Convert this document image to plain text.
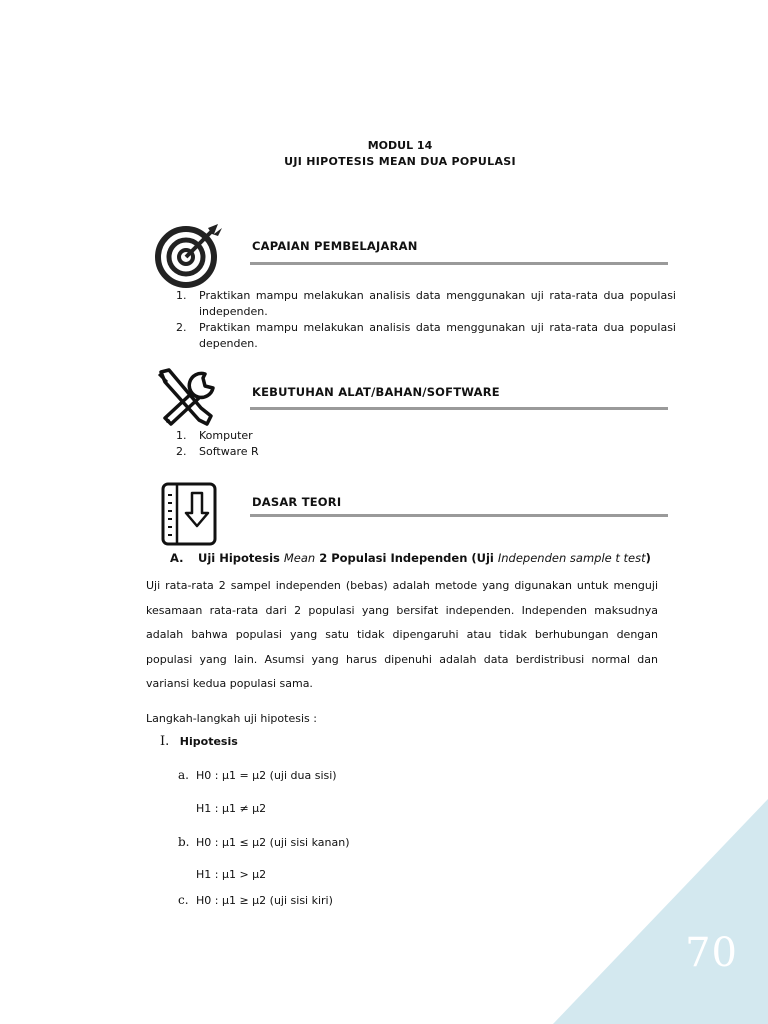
70
MODUL 14
UJI HIPOTESIS MEAN DUA POPULASI
CAPAIAN PEMBELAJARAN
1. Praktikan mampu melakukan analisis data menggunakan uji rata-rata dua populasi independen.
2. Praktikan mampu melakukan analisis data menggunakan uji rata-rata dua populasi dependen.
KEBUTUHAN ALAT/BAHAN/SOFTWARE
1. Komputer
2. Software R
DASAR TEORI
A. Uji Hipotesis Mean 2 Populasi Independen (Uji Independen sample t test)
Uji rata-rata 2 sampel independen (bebas) adalah metode yang digunakan untuk menguji
kesamaan rata-rata dari 2 populasi yang bersifat independen. Independen maksudnya
adalah bahwa populasi yang satu tidak dipengaruhi atau tidak berhubungan dengan
populasi yang lain. Asumsi yang harus dipenuhi adalah data berdistribusi normal dan
variansi kedua populasi sama.
Langkah-langkah uji hipotesis :
I. Hipotesis
a. H0 : µ1 = µ2 (uji dua sisi)
H1 : µ1 ≠ µ2
b. H0 : µ1 ≤ µ2 (uji sisi kanan)
H1 : µ1 > µ2
c. H0 : µ1 ≥ µ2 (uji sisi kiri)
